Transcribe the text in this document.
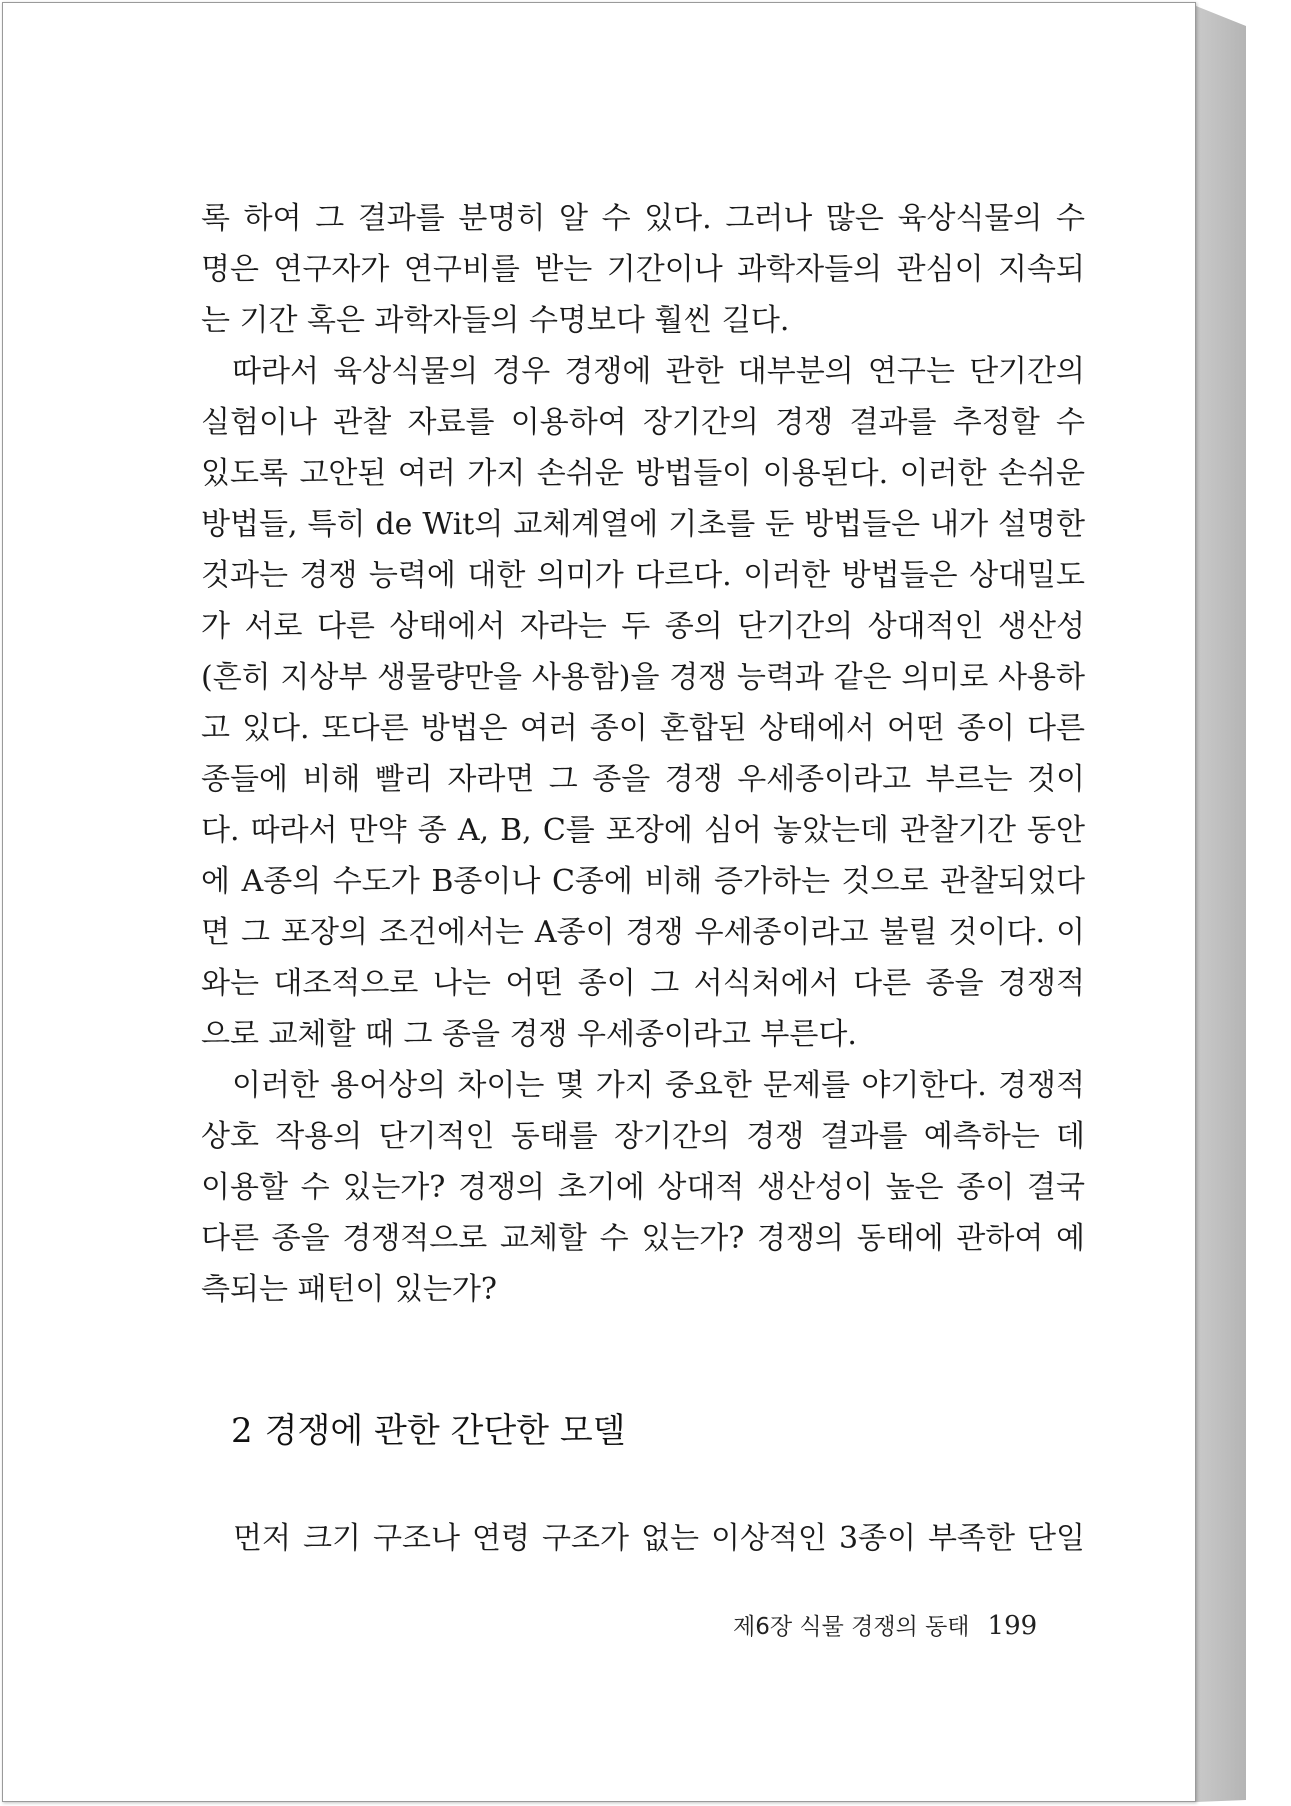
록 하여 그 결과를 분명히 알 수 있다. 그러나 많은 육상식물의 수
명은 연구자가 연구비를 받는 기간이나 과학자들의 관심이 지속되
는 기간 혹은 과학자들의 수명보다 훨씬 길다.
따라서 육상식물의 경우 경쟁에 관한 대부분의 연구는 단기간의
실험이나 관찰 자료를 이용하여 장기간의 경쟁 결과를 추정할 수
있도록 고안된 여러 가지 손쉬운 방법들이 이용된다. 이러한 손쉬운
방법들, 특히 de Wit의 교체계열에 기초를 둔 방법들은 내가 설명한
것과는 경쟁 능력에 대한 의미가 다르다. 이러한 방법들은 상대밀도
가 서로 다른 상태에서 자라는 두 종의 단기간의 상대적인 생산성
(흔히 지상부 생물량만을 사용함)을 경쟁 능력과 같은 의미로 사용하
고 있다. 또다른 방법은 여러 종이 혼합된 상태에서 어떤 종이 다른
종들에 비해 빨리 자라면 그 종을 경쟁 우세종이라고 부르는 것이
다. 따라서 만약 종 A, B, C를 포장에 심어 놓았는데 관찰기간 동안
에 A종의 수도가 B종이나 C종에 비해 증가하는 것으로 관찰되었다
면 그 포장의 조건에서는 A종이 경쟁 우세종이라고 불릴 것이다. 이
와는 대조적으로 나는 어떤 종이 그 서식처에서 다른 종을 경쟁적
으로 교체할 때 그 종을 경쟁 우세종이라고 부른다.
이러한 용어상의 차이는 몇 가지 중요한 문제를 야기한다. 경쟁적
상호 작용의 단기적인 동태를 장기간의 경쟁 결과를 예측하는 데
이용할 수 있는가? 경쟁의 초기에 상대적 생산성이 높은 종이 결국
다른 종을 경쟁적으로 교체할 수 있는가? 경쟁의 동태에 관하여 예
측되는 패턴이 있는가?
2 경쟁에 관한 간단한 모델
먼저 크기 구조나 연령 구조가 없는 이상적인 3종이 부족한 단일
제6장 식물 경쟁의 동태 199
